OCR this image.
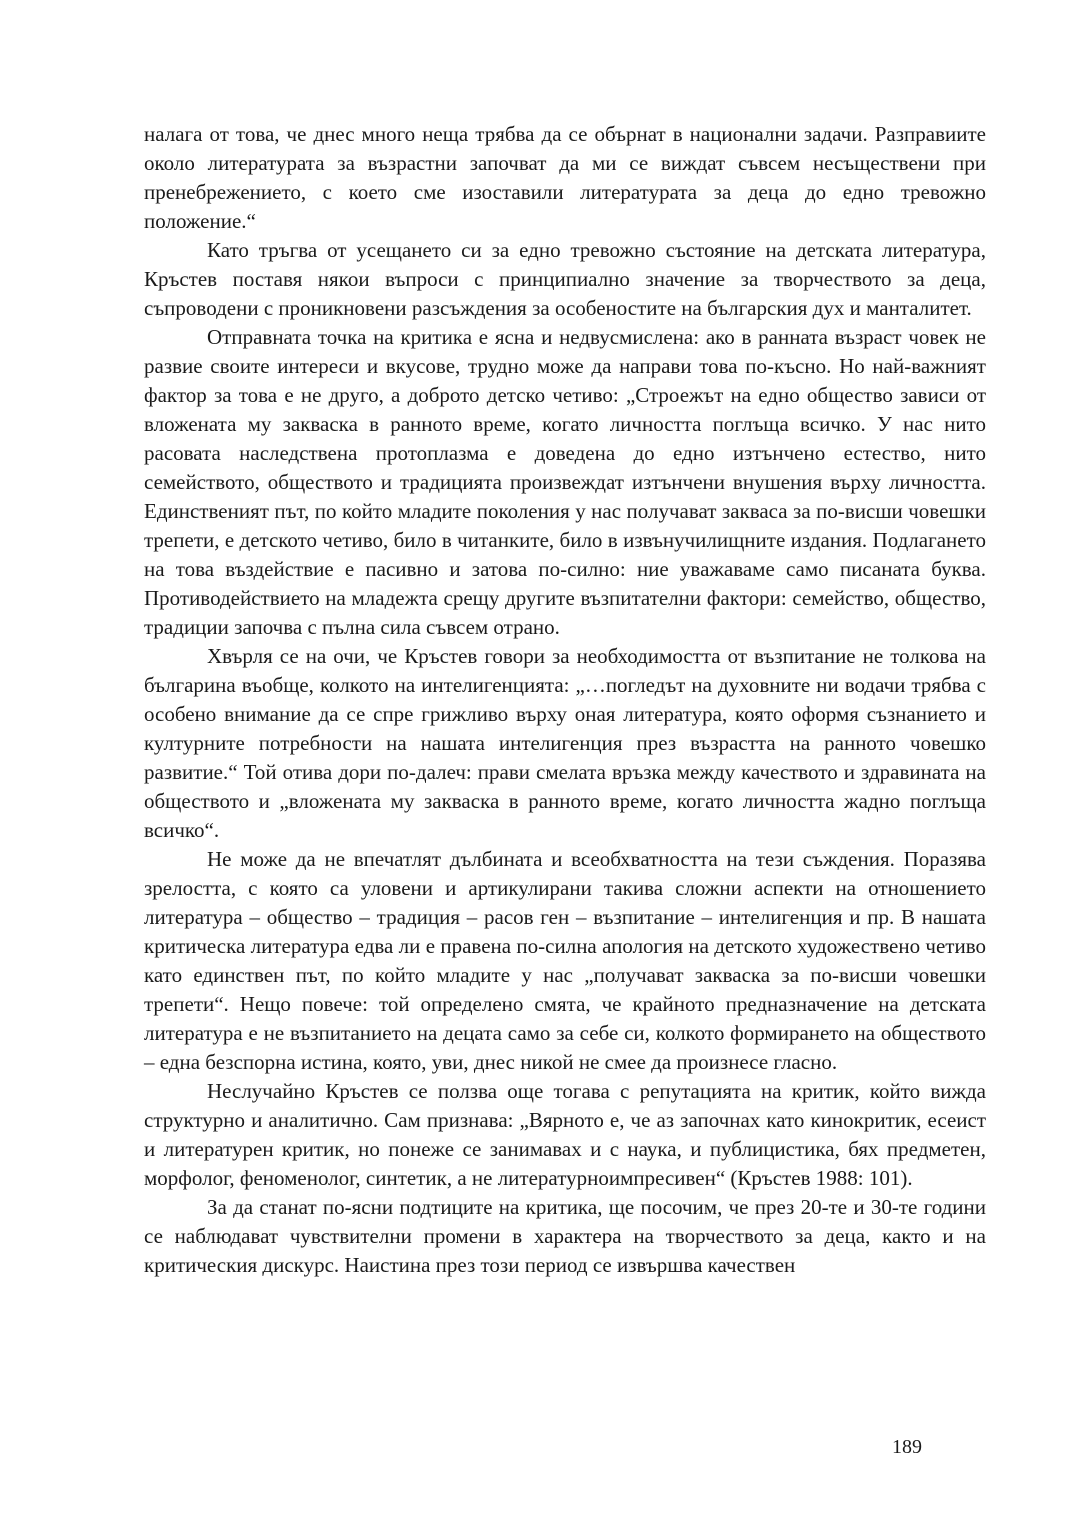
налага от това, че днес много неща трябва да се обърнат в национални задачи. Разправиите около литературата за възрастни започват да ми се виждат съвсем несъществени при пренебрежението, с което сме изоставили литературата за деца до едно тревожно положение.“

Като тръгва от усещането си за едно тревожно състояние на детската литература, Кръстев поставя някои въпроси с принципиално значение за творчеството за деца, съпроводени с проникновени разсъждения за особеностите на българския дух и манталитет.

Отправната точка на критика е ясна и недвусмислена: ако в ранната възраст човек не развие своите интереси и вкусове, трудно може да направи това по-късно. Но най-важният фактор за това е не друго, а доброто детско четиво: „Строежът на едно общество зависи от вложената му закваска в ранното време, когато личността поглъща всичко. У нас нито расовата наследствена протоплазма е доведена до едно изтънчено естество, нито семейството, обществото и традицията произвеждат изтънчени внушения върху личността. Единственият път, по който младите поколения у нас получават закваса за по-висши човешки трепети, е детското четиво, било в читанките, било в извънучилищните издания. Подлагането на това въздействие е пасивно и затова по-силно: ние уважаваме само писаната буква. Противодействието на младежта срещу другите възпитателни фактори: семейство, общество, традиции започва с пълна сила съвсем отрано.

Хвърля се на очи, че Кръстев говори за необходимостта от възпитание не толкова на българина въобще, колкото на интелигенцията: „…погледът на духовните ни водачи трябва с особено внимание да се спре грижливо върху оная литература, която оформя съзнанието и културните потребности на нашата интелигенция през възрастта на ранното човешко развитие.“ Той отива дори по-далеч: прави смелата връзка между качеството и здравината на обществото и „вложената му закваска в ранното време, когато личността жадно поглъща всичко“.

Не може да не впечатлят дълбината и всеобхватността на тези съждения. Поразява зрелостта, с която са уловени и артикулирани такива сложни аспекти на отношението литература – общество – традиция – расов ген – възпитание – интелигенция и пр. В нашата критическа литература едва ли е правена по-силна апология на детското художествено четиво като единствен път, по който младите у нас „получават закваска за по-висши човешки трепети“. Нещо повече: той определено смята, че крайното предназначение на детската литература е не възпитанието на децата само за себе си, колкото формирането на обществото – една безспорна истина, която, уви, днес никой не смее да произнесе гласно.

Неслучайно Кръстев се ползва още тогава с репутацията на критик, който вижда структурно и аналитично. Сам признава: „Вярното е, че аз започнах като кинокритик, есеист и литературен критик, но понеже се занимавах и с наука, и публицистика, бях предметен, морфолог, феноменолог, синтетик, а не литературноимпресивен“ (Кръстев 1988: 101).

За да станат по-ясни подтиците на критика, ще посочим, че през 20-те и 30-те години се наблюдават чувствителни промени в характера на творчеството за деца, както и на критическия дискурс. Наистина през този период се извършва качествен

189
